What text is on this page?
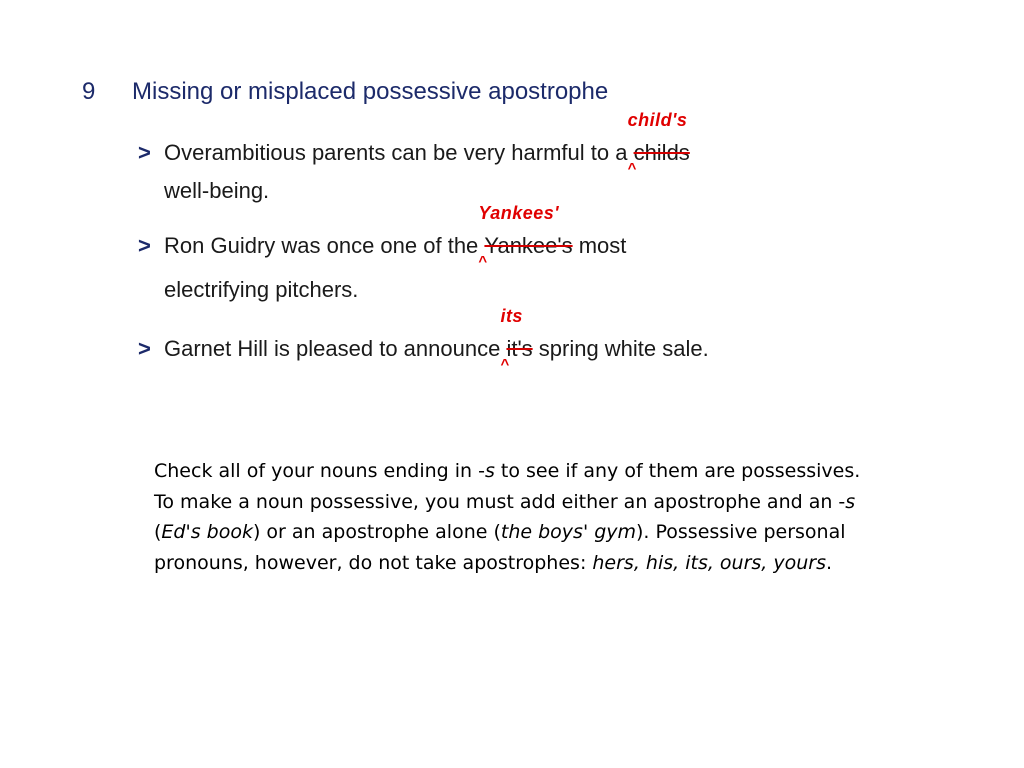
9 Missing or misplaced possessive apostrophe
> Overambitious parents can be very harmful to a
child's
childs
^
well-being.
> Ron Guidry was once one of the
Yankees'
Yankee's
^
most
electrifying pitchers.
> Garnet Hill is pleased to announce
its
it's
^
spring white sale.
Check all of your nouns ending in -s to see if any of them are possessives. To make a noun possessive, you must add either an apostrophe and an -s (Ed's book) or an apostrophe alone (the boys' gym). Possessive personal pronouns, however, do not take apostrophes: hers, his, its, ours, yours.
